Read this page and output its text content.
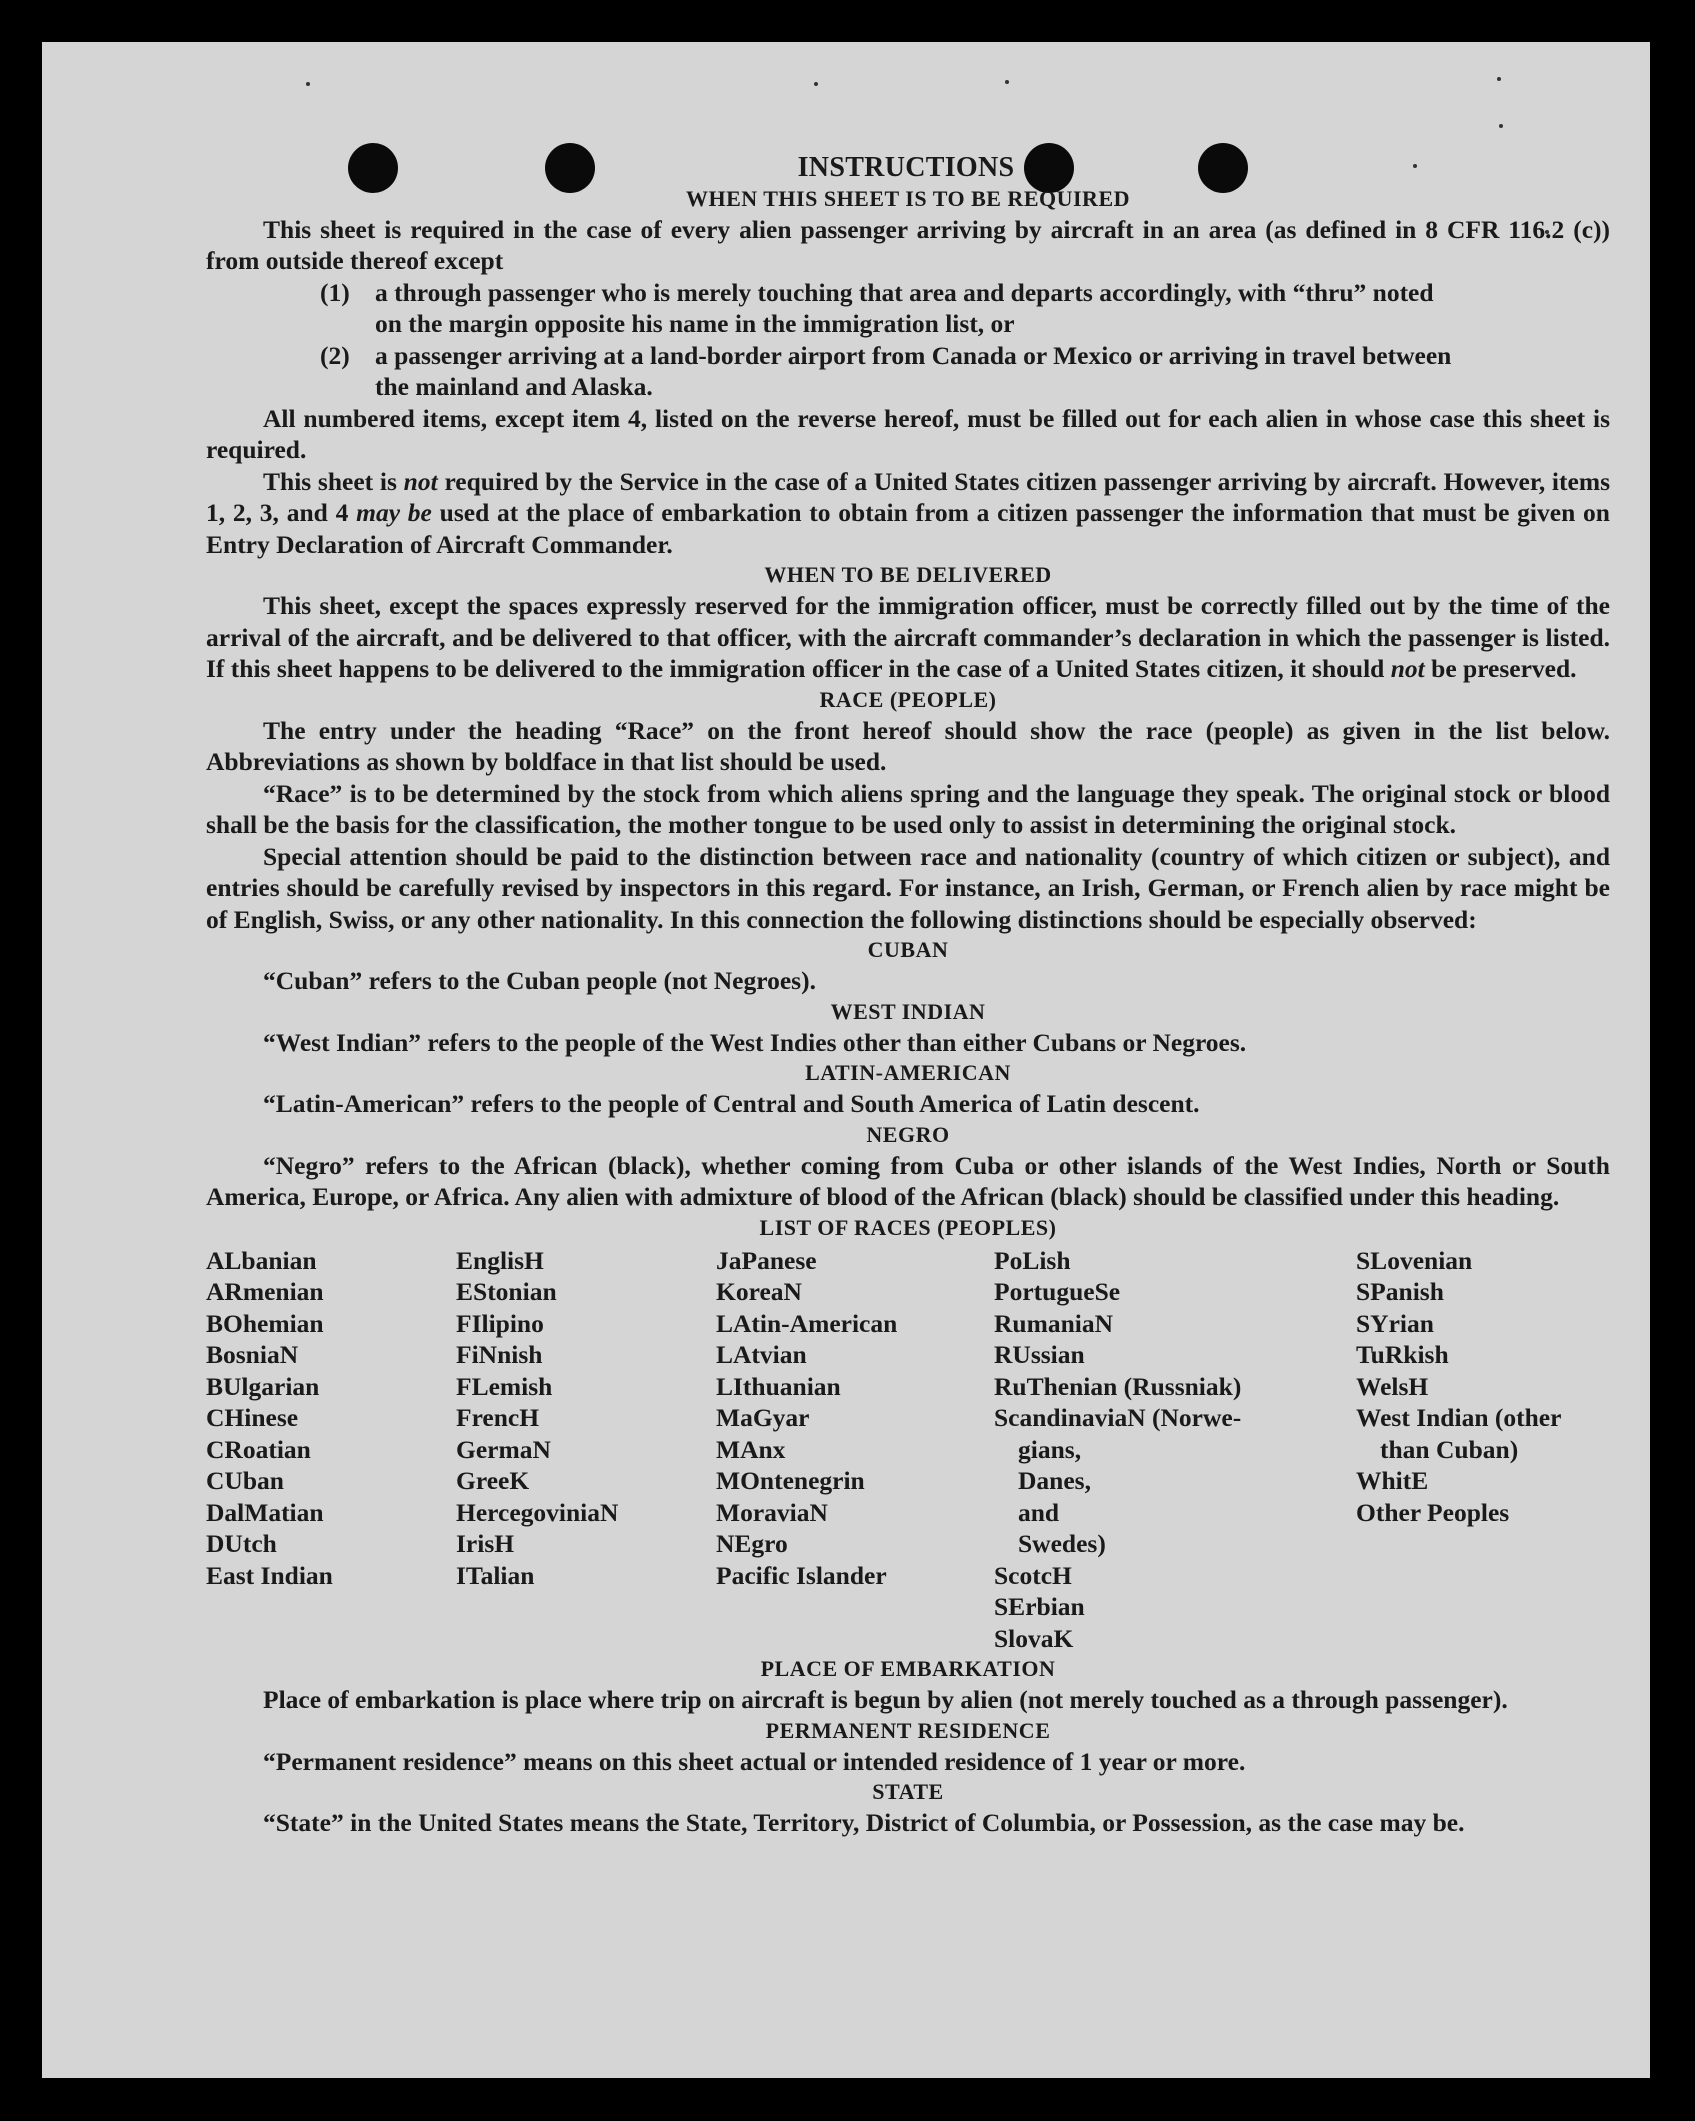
INSTRUCTIONS
WHEN THIS SHEET IS TO BE REQUIRED

This sheet is required in the case of every alien passenger arriving by aircraft in an area (as defined in 8 CFR 116.2 (c)) from outside thereof except

(1) a through passenger who is merely touching that area and departs accordingly, with “thru” noted
on the margin opposite his name in the immigration list, or
(2) a passenger arriving at a land-border airport from Canada or Mexico or arriving in travel between
the mainland and Alaska.

All numbered items, except item 4, listed on the reverse hereof, must be filled out for each alien in whose case this sheet is required.

This sheet is not required by the Service in the case of a United States citizen passenger arriving by aircraft. However, items 1, 2, 3, and 4 may be used at the place of embarkation to obtain from a citizen passenger the information that must be given on Entry Declaration of Aircraft Commander.

WHEN TO BE DELIVERED

This sheet, except the spaces expressly reserved for the immigration officer, must be correctly filled out by the time of the arrival of the aircraft, and be delivered to that officer, with the aircraft commander’s declaration in which the passenger is listed. If this sheet happens to be delivered to the immigration officer in the case of a United States citizen, it should not be preserved.

RACE (PEOPLE)

The entry under the heading “Race” on the front hereof should show the race (people) as given in the list below. Abbreviations as shown by boldface in that list should be used.

“Race” is to be determined by the stock from which aliens spring and the language they speak. The original stock or blood shall be the basis for the classification, the mother tongue to be used only to assist in determining the original stock.

Special attention should be paid to the distinction between race and nationality (country of which citizen or subject), and entries should be carefully revised by inspectors in this regard. For instance, an Irish, German, or French alien by race might be of English, Swiss, or any other nationality. In this connection the following distinctions should be especially observed:

CUBAN

“Cuban” refers to the Cuban people (not Negroes).

WEST INDIAN

“West Indian” refers to the people of the West Indies other than either Cubans or Negroes.

LATIN-AMERICAN

“Latin-American” refers to the people of Central and South America of Latin descent.

NEGRO

“Negro” refers to the African (black), whether coming from Cuba or other islands of the West Indies, North or South America, Europe, or Africa. Any alien with admixture of blood of the African (black) should be classified under this heading.

LIST OF RACES (PEOPLES)
ALbanian
ARmenian
BOhemian
BosniaN
BUlgarian
CHinese
CRoatian
CUban
DalMatian
DUtch
East Indian
EnglisH
EStonian
FIlipino
FiNnish
FLemish
FrencH
GermaN
GreeK
HercegoviniaN
IrisH
ITalian
JaPanese
KoreaN
LAtin-American
LAtvian
LIthuanian
MaGyar
MAnx
MOntenegrin
MoraviaN
NEgro
Pacific Islander
PoLish
PortugueSe
RumaniaN
RUssian
RuThenian (Russniak)
ScandinaviaN (Norwe-
gians,
Danes,
and
Swedes)
ScotcH
SErbian
SlovaK
SLovenian
SPanish
SYrian
TuRkish
WelsH
West Indian (other
than Cuban)
WhitE
Other Peoples
PLACE OF EMBARKATION

Place of embarkation is place where trip on aircraft is begun by alien (not merely touched as a through passenger).

PERMANENT RESIDENCE

“Permanent residence” means on this sheet actual or intended residence of 1 year or more.

STATE

“State” in the United States means the State, Territory, District of Columbia, or Possession, as the case may be.
